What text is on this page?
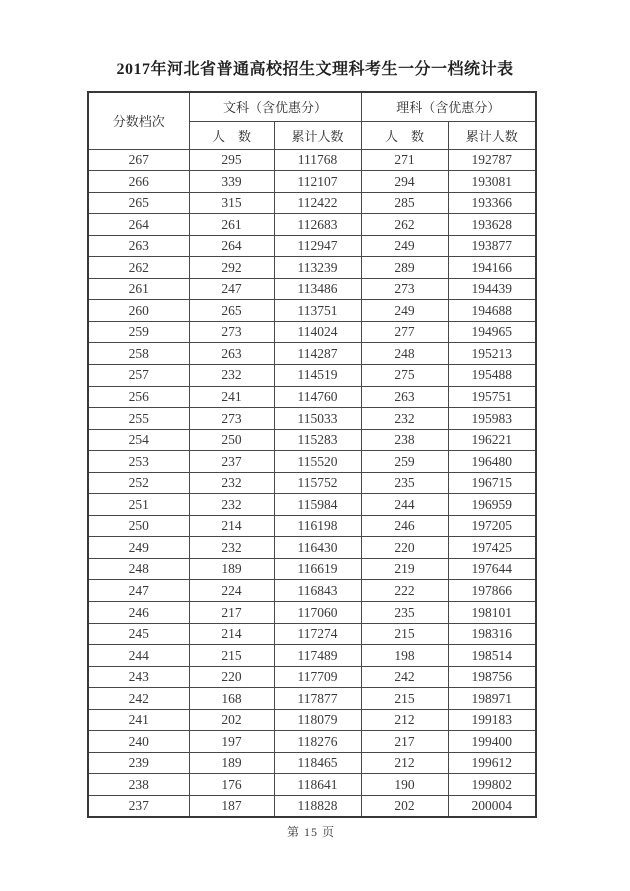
2017年河北省普通高校招生文理科考生一分一档统计表
分数档次	文科（含优惠分）		理科（含优惠分）	
	人　数	累计人数	人　数	累计人数
267	295	111768	271	192787
266	339	112107	294	193081
265	315	112422	285	193366
264	261	112683	262	193628
263	264	112947	249	193877
262	292	113239	289	194166
261	247	113486	273	194439
260	265	113751	249	194688
259	273	114024	277	194965
258	263	114287	248	195213
257	232	114519	275	195488
256	241	114760	263	195751
255	273	115033	232	195983
254	250	115283	238	196221
253	237	115520	259	196480
252	232	115752	235	196715
251	232	115984	244	196959
250	214	116198	246	197205
249	232	116430	220	197425
248	189	116619	219	197644
247	224	116843	222	197866
246	217	117060	235	198101
245	214	117274	215	198316
244	215	117489	198	198514
243	220	117709	242	198756
242	168	117877	215	198971
241	202	118079	212	199183
240	197	118276	217	199400
239	189	118465	212	199612
238	176	118641	190	199802
237	187	118828	202	200004
第 15 页
